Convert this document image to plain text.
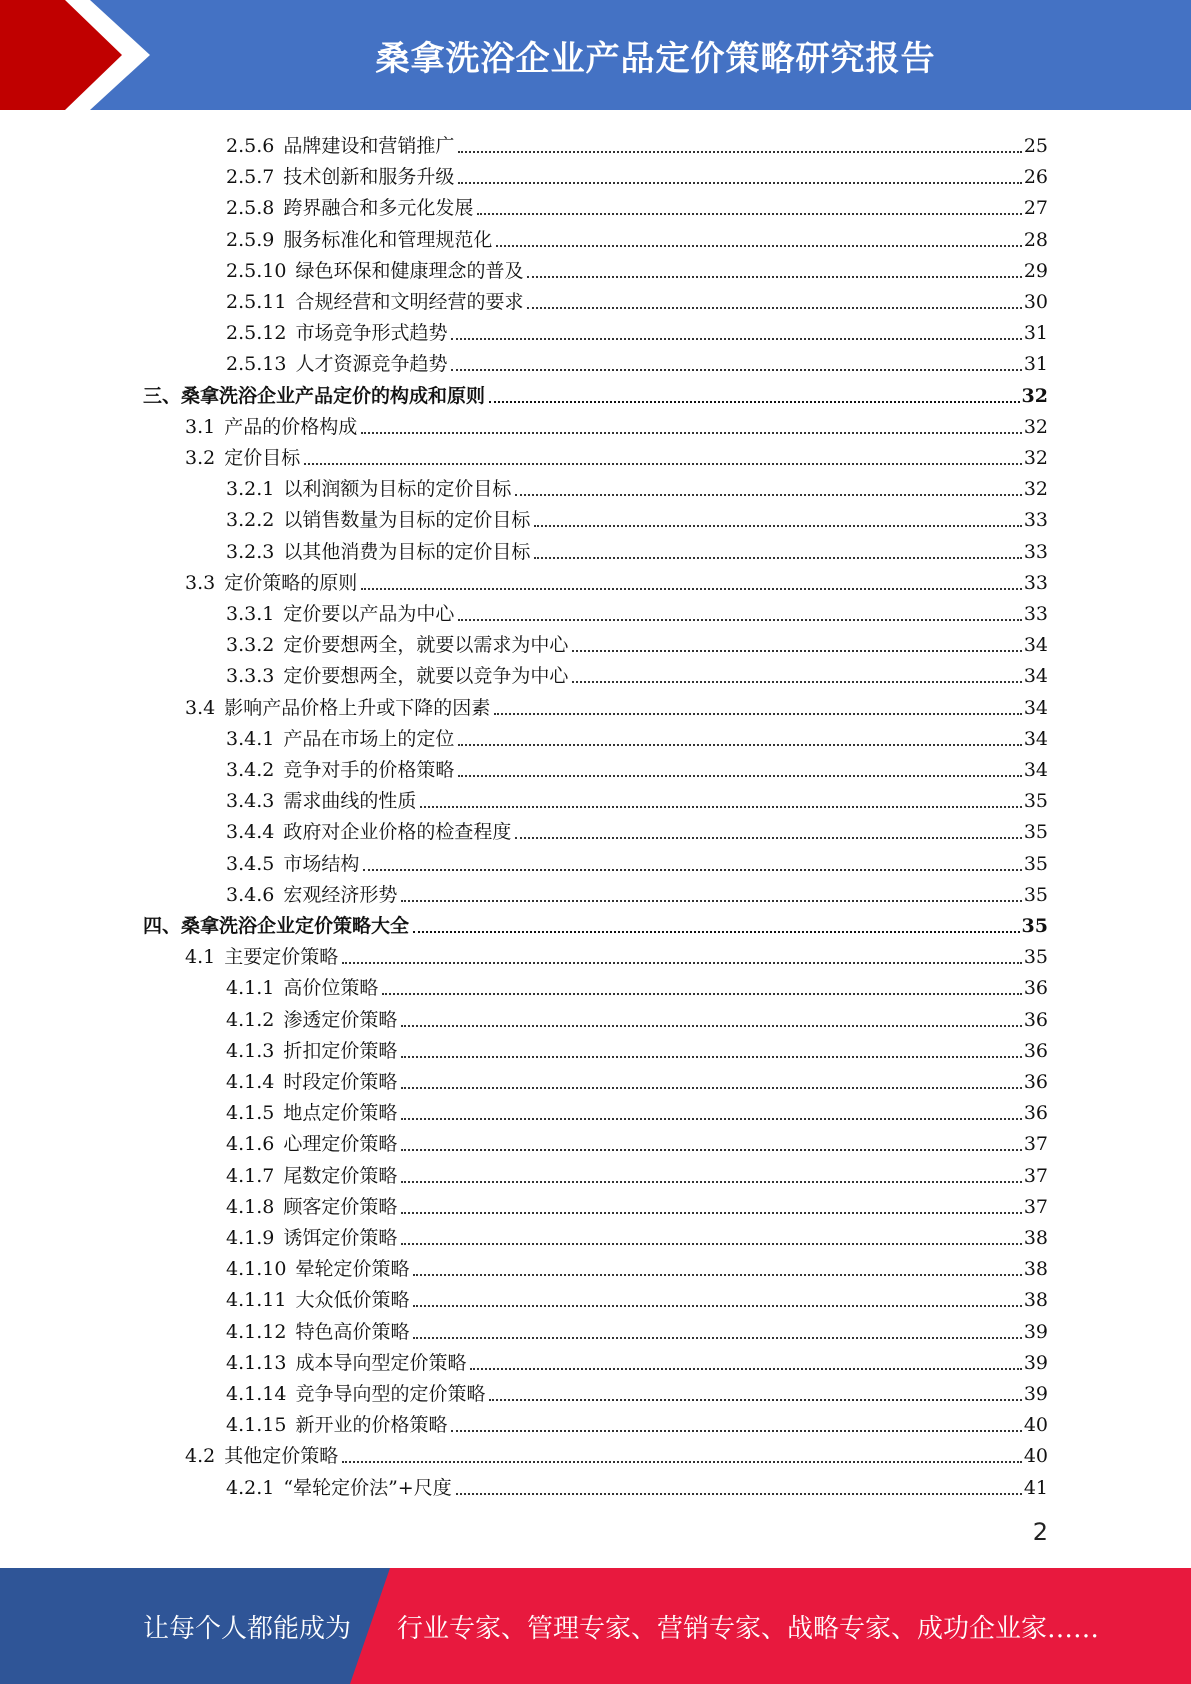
桑拿洗浴企业产品定价策略研究报告
2.5.6 品牌建设和营销推广	25
2.5.7 技术创新和服务升级	26
2.5.8 跨界融合和多元化发展	27
2.5.9 服务标准化和管理规范化	28
2.5.10 绿色环保和健康理念的普及	29
2.5.11 合规经营和文明经营的要求	30
2.5.12 市场竞争形式趋势	31
2.5.13 人才资源竞争趋势	31
三、 桑拿洗浴企业产品定价的构成和原则	32
3.1 产品的价格构成	32
3.2 定价目标	32
3.2.1 以利润额为目标的定价目标	32
3.2.2 以销售数量为目标的定价目标	33
3.2.3 以其他消费为目标的定价目标	33
3.3 定价策略的原则	33
3.3.1 定价要以产品为中心	33
3.3.2 定价要想两全，就要以需求为中心	34
3.3.3 定价要想两全，就要以竞争为中心	34
3.4 影响产品价格上升或下降的因素	34
3.4.1 产品在市场上的定位	34
3.4.2 竞争对手的价格策略	34
3.4.3 需求曲线的性质	35
3.4.4 政府对企业价格的检查程度	35
3.4.5 市场结构	35
3.4.6 宏观经济形势	35
四、 桑拿洗浴企业定价策略大全	35
4.1 主要定价策略	35
4.1.1 高价位策略	36
4.1.2 渗透定价策略	36
4.1.3 折扣定价策略	36
4.1.4 时段定价策略	36
4.1.5 地点定价策略	36
4.1.6 心理定价策略	37
4.1.7 尾数定价策略	37
4.1.8 顾客定价策略	37
4.1.9 诱饵定价策略	38
4.1.10 晕轮定价策略	38
4.1.11 大众低价策略	38
4.1.12 特色高价策略	39
4.1.13 成本导向型定价策略	39
4.1.14 竞争导向型的定价策略	39
4.1.15 新开业的价格策略	40
4.2 其他定价策略	40
4.2.1 “晕轮定价法”+尺度	41
2
让每个人都能成为 行业专家、管理专家、营销专家、战略专家、成功企业家……
